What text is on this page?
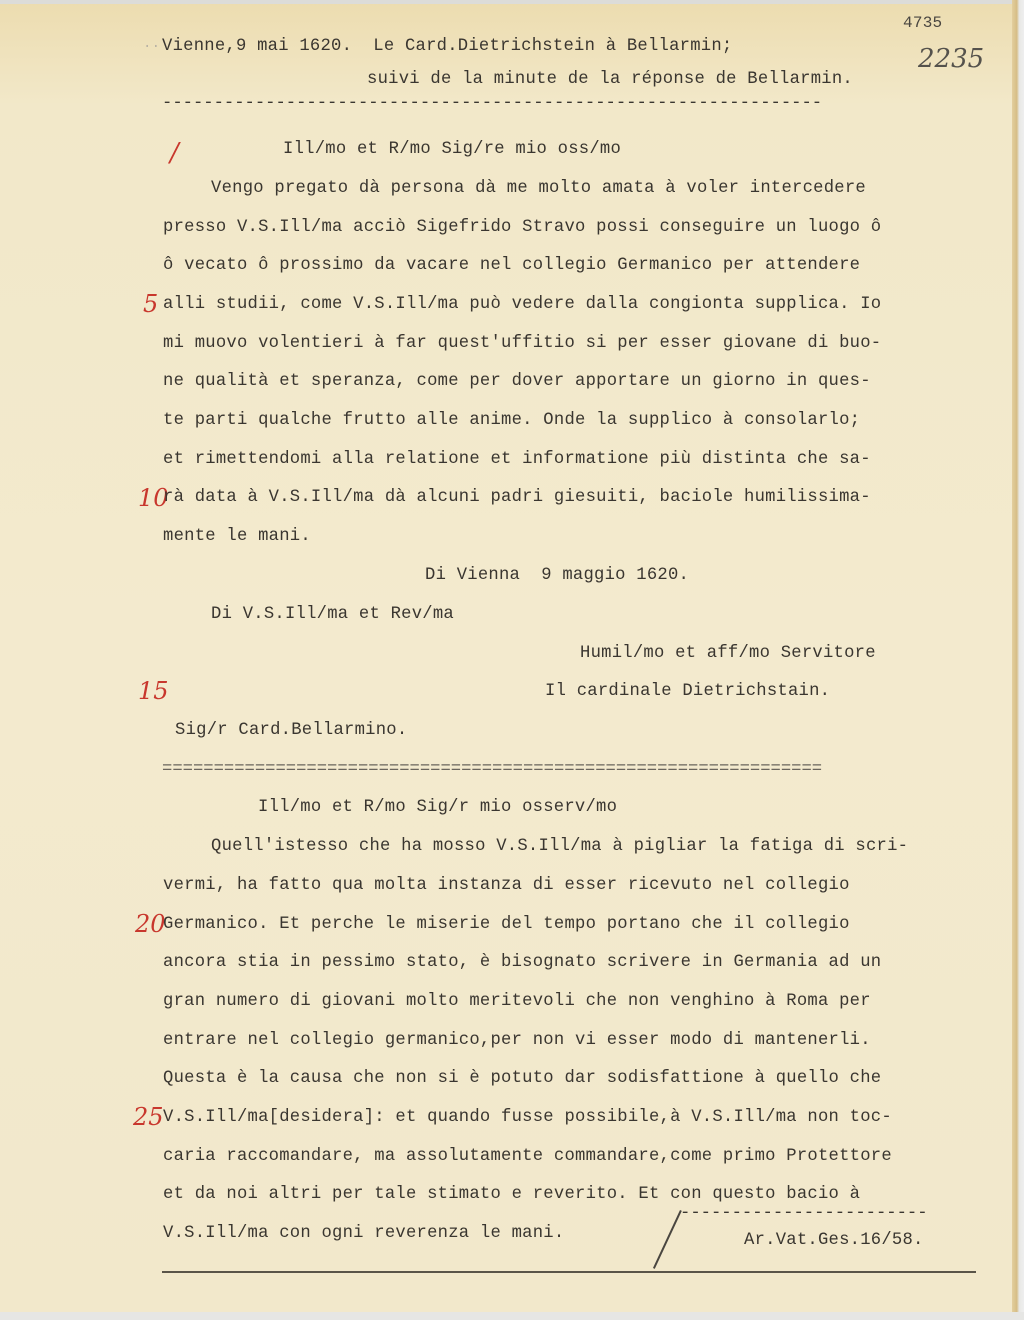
4735
2235
·· Vienne,9 mai 1620.  Le Card.Dietrichstein à Bellarmin;
suivi de la minute de la réponse de Bellarmin.
----------------------------------------------------------------
/	Ill/mo et R/mo Sig/re mio oss/mo
Vengo pregato dà persona dà me molto amata à voler intercedere
presso V.S.Ill/ma acciò Sigefrido Stravo possi conseguire un luogo ô
ô vecato ô prossimo da vacare nel collegio Germanico per attendere
5 alli studii, come V.S.Ill/ma può vedere dalla congionta supplica. Io
mi muovo volentieri à far quest'uffitio si per esser giovane di buo-
ne qualità et speranza, come per dover apportare un giorno in ques-
te parti qualche frutto alle anime. Onde la supplico à consolarlo;
et rimettendomi alla relatione et informatione più distinta che sa-
10
rà data à V.S.Ill/ma dà alcuni padri giesuiti, baciole humilissima-
mente le mani.
Di Vienna  9 maggio 1620.
Di V.S.Ill/ma et Rev/ma
Humil/mo et aff/mo Servitore
15	Il cardinale Dietrichstain.
Sig/r Card.Bellarmino.
================================================================
Ill/mo et R/mo Sig/r mio osserv/mo
Quell'istesso che ha mosso V.S.Ill/ma à pigliar la fatiga di scri-
vermi, ha fatto qua molta instanza di esser ricevuto nel collegio
20
Germanico. Et perche le miserie del tempo portano che il collegio
ancora stia in pessimo stato, è bisognato scrivere in Germania ad un
gran numero di giovani molto meritevoli che non venghino à Roma per
entrare nel collegio germanico,per non vi esser modo di mantenerli.
Questa è la causa che non si è potuto dar sodisfattione à quello che
25 V.S.Ill/ma[desidera]: et quando fusse possibile,à V.S.Ill/ma non toc-
caria raccomandare, ma assolutamente commandare,come primo Protettore
et da noi altri per tale stimato e reverito. Et con questo bacio à
V.S.Ill/ma con ogni reverenza le mani.
------------------------
Ar.Vat.Ges.16/58.
